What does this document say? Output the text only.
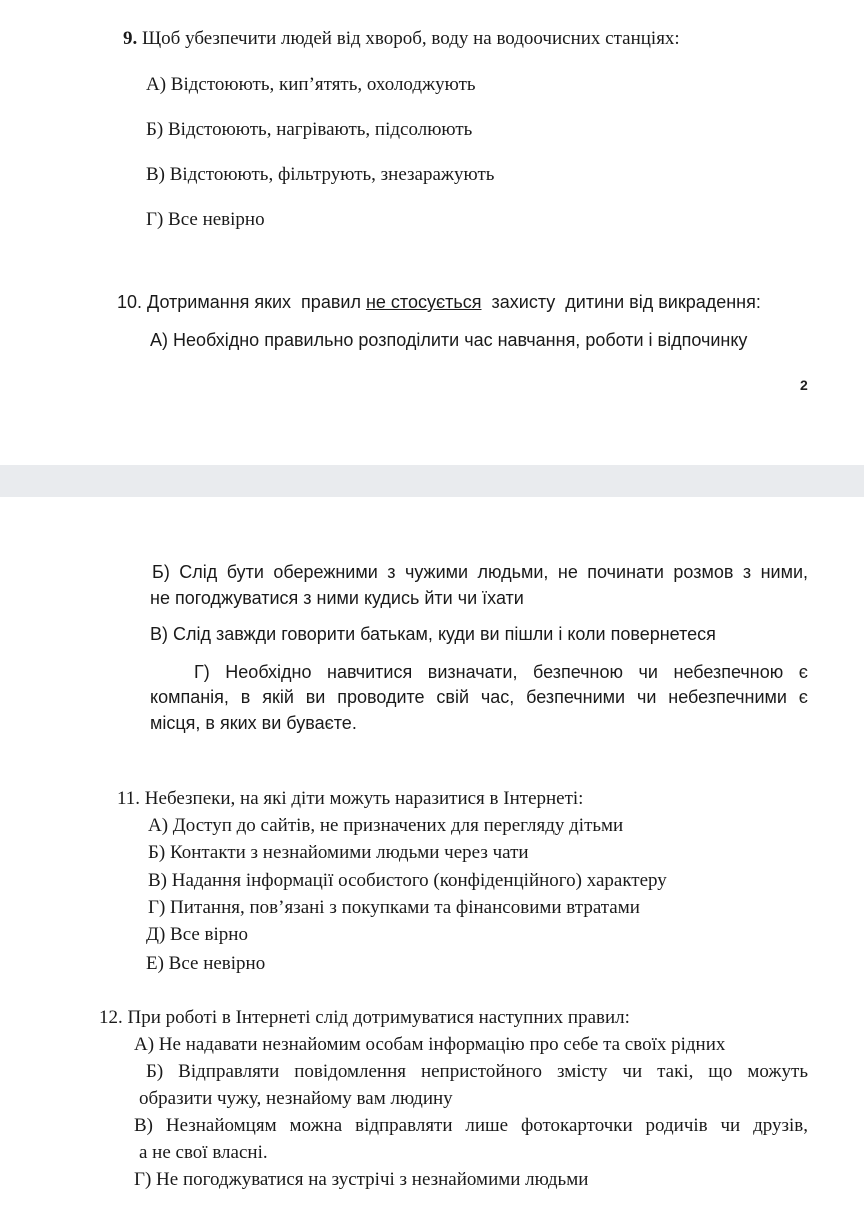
9. Щоб убезпечити людей від хвороб, воду на водоочисних станціях:

А) Відстоюють, кип’ятять, охолоджують

Б) Відстоюють, нагрівають, підсолюють

В) Відстоюють, фільтрують, знезаражують

Г) Все невірно

10. Дотримання яких  правил не стосується  захисту  дитини від викрадення:

А) Необхідно правильно розподілити час навчання, роботи і відпочинку

2

Б) Слід бути обережними з чужими людьми, не починати розмов з ними,

не погоджуватися з ними кудись йти чи їхати

В) Слід завжди говорити батькам, куди ви пішли і коли повернетеся

Г) Необхідно навчитися визначати, безпечною чи небезпечною є

компанія, в якій ви проводите свій час, безпечними чи небезпечними є

місця, в яких ви буваєте.

11. Небезпеки, на які діти можуть наразитися в Інтернеті:

А) Доступ до сайтів, не призначених для перегляду дітьми

Б) Контакти з незнайомими людьми через чати

В) Надання інформації особистого (конфіденційного) характеру

Г) Питання, пов’язані з покупками та фінансовими втратами

Д) Все вірно

Е) Все невірно

12. При роботі в Інтернеті слід дотримуватися наступних правил:

А) Не надавати незнайомим особам інформацію про себе та своїх рідних

Б) Відправляти повідомлення непристойного змісту чи такі, що можуть

образити чужу, незнайому вам людину

В) Незнайомцям можна відправляти лише фотокарточки родичів чи друзів,

а не свої власні.

Г) Не погоджуватися на зустрічі з незнайомими людьми
